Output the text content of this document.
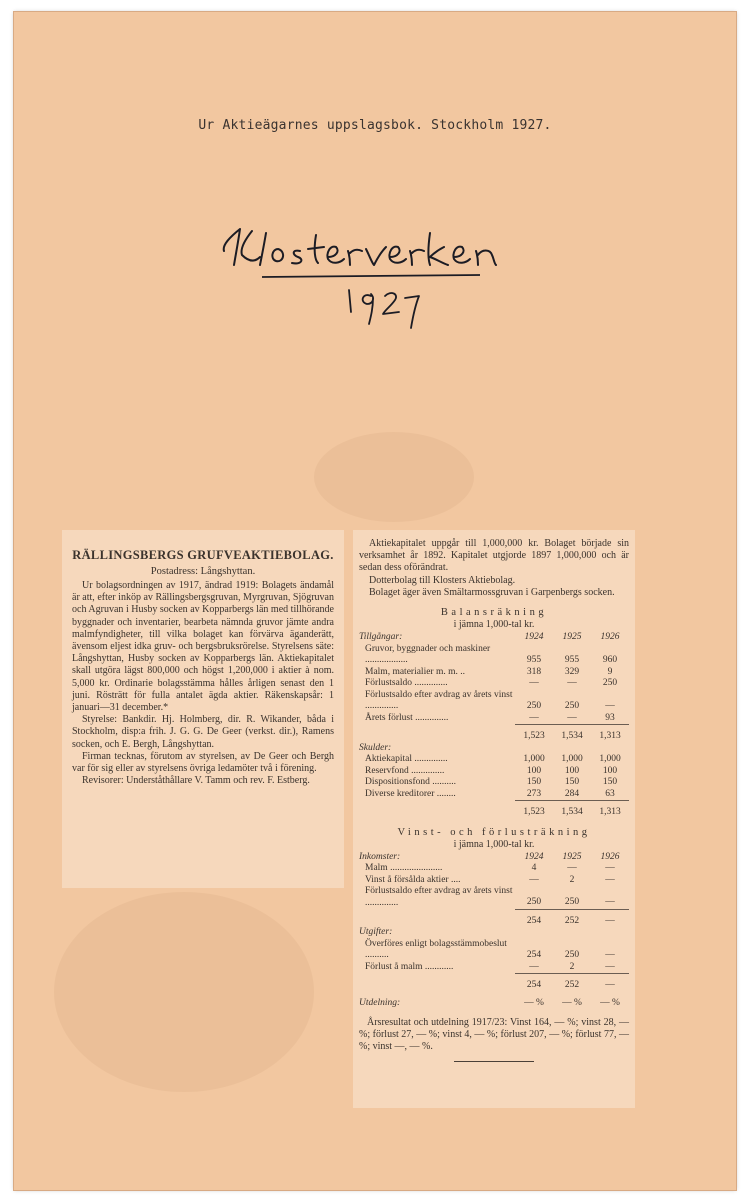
Ur Aktieägarnes uppslagsbok. Stockholm 1927.
RÄLLINGSBERGS GRUFVEAKTIEBOLAG.
Postadress: Långshyttan.

Ur bolagsordningen av 1917, ändrad 1919: Bolagets ändamål är att, efter inköp av Rällingsbergsgruvan, Myrgruvan, Sjögruvan och Agruvan i Husby socken av Kopparbergs län med tillhörande byggnader och inventarier, bearbeta nämnda gruvor jämte andra malmfyndigheter, till vilka bolaget kan förvärva äganderätt, ävensom eljest idka gruv- och bergsbruksrörelse. Styrelsens säte: Långshyttan, Husby socken av Kopparbergs län. Aktiekapitalet skall utgöra lägst 800,000 och högst 1,200,000 i aktier à nom. 5,000 kr. Ordinarie bolagsstämma hålles årligen senast den 1 juni. Rösträtt för fulla antalet ägda aktier. Räkenskapsår: 1 januari—31 december.*

Styrelse: Bankdir. Hj. Holmberg, dir. R. Wikander, båda i Stockholm, disp:a frih. J. G. G. De Geer (verkst. dir.), Ramens socken, och E. Bergh, Långshyttan.

Firman tecknas, förutom av styrelsen, av De Geer och Bergh var för sig eller av styrelsens övriga ledamöter två i förening.

Revisorer: Underståthållare V. Tamm och rev. F. Estberg.

Aktiekapitalet uppgår till 1,000,000 kr. Bolaget började sin verksamhet år 1892. Kapitalet utgjorde 1897 1,000,000 och är sedan dess oförändrat.

Dotterbolag till Klosters Aktiebolag.

Bolaget äger även Smältarmossgruvan i Garpenbergs socken.

Balansräkning
i jämna 1,000-tal kr.
Tillgångar:	1924	1925	1926
Gruvor, byggnader och maskiner ..................	955	955	960
Malm, materialier m. m. ..	318	329	9
Förlustsaldo ..............	—	—	250
Förlustsaldo efter avdrag av årets vinst ..............	250	250	—
Årets förlust ..............	—	—	93
	1,523	1,534	1,313
Skulder:			
Aktiekapital ..............	1,000	1,000	1,000
Reservfond ..............	100	100	100
Dispositionsfond ..........	150	150	150
Diverse kreditorer ........	273	284	63
	1,523	1,534	1,313
Vinst- och förlusträkning
i jämna 1,000-tal kr.
Inkomster:	1924	1925	1926
Malm ......................	4	—	—
Vinst å försålda aktier ....	—	2	—
Förlustsaldo efter avdrag av årets vinst ..............	250	250	—
	254	252	—
Utgifter:			
Överföres enligt bolagsstämmobeslut ..........	254	250	—
Förlust å malm ............	—	2	—
	254	252	—
Utdelning:	— %	— %	— %

Årsresultat och utdelning 1917/23: Vinst 164, — %; vinst 28, — %; förlust 27, — %; vinst 4, — %; förlust 207, — %; förlust 77, — %; vinst —, — %.
